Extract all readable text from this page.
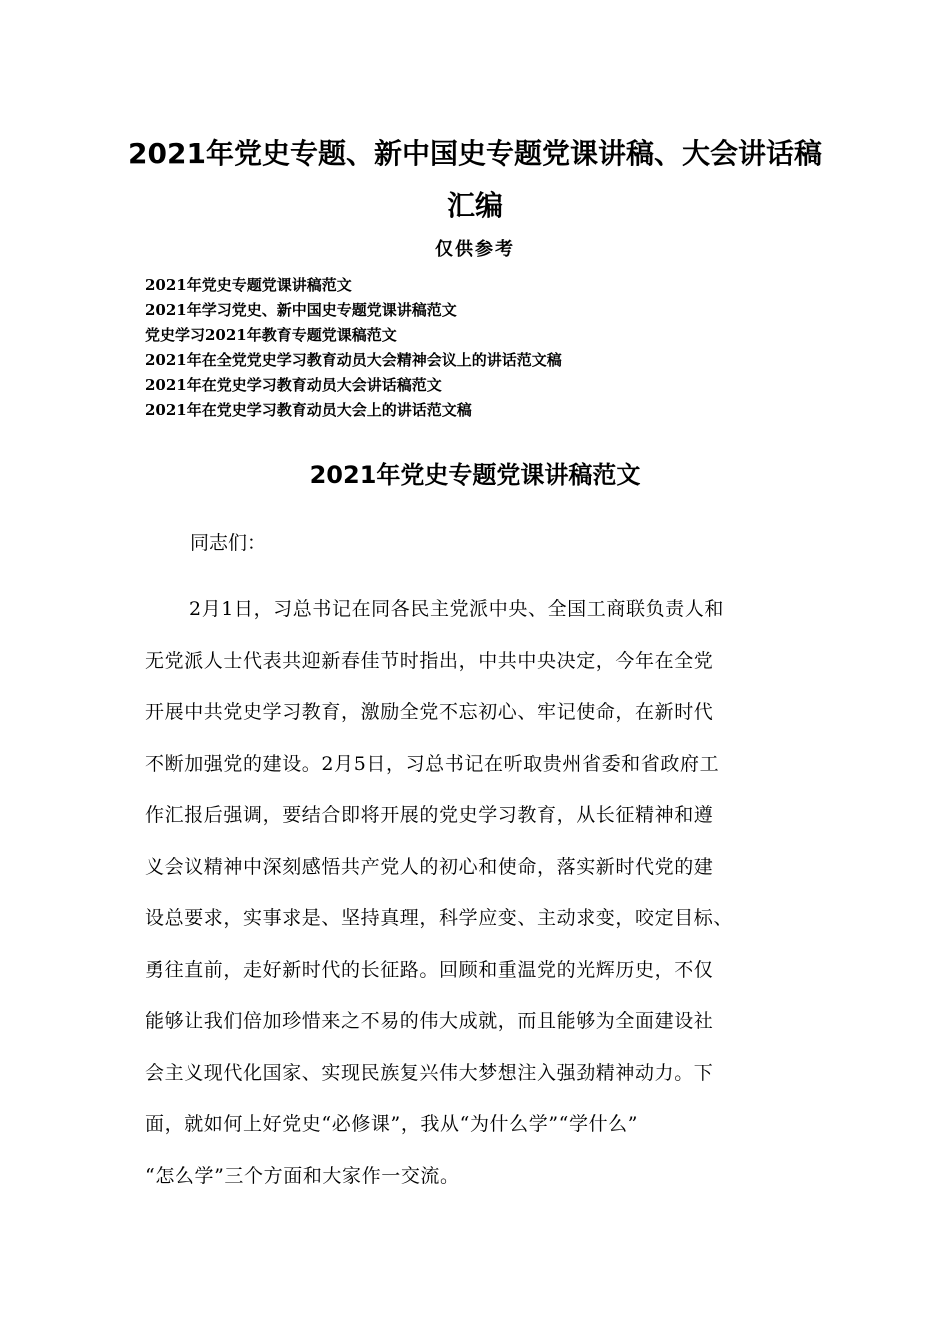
2021年党史专题、新中国史专题党课讲稿、大会讲话稿汇编

仅供参考

2021年党史专题党课讲稿范文
2021年学习党史、新中国史专题党课讲稿范文
党史学习2021年教育专题党课稿范文
2021年在全党党史学习教育动员大会精神会议上的讲话范文稿
2021年在党史学习教育动员大会讲话稿范文
2021年在党史学习教育动员大会上的讲话范文稿
2021年党史专题党课讲稿范文

同志们：

2月1日，习总书记在同各民主党派中央、全国工商联负责人和
无党派人士代表共迎新春佳节时指出，中共中央决定，今年在全党
开展中共党史学习教育，激励全党不忘初心、牢记使命，在新时代
不断加强党的建设。2月5日，习总书记在听取贵州省委和省政府工
作汇报后强调，要结合即将开展的党史学习教育，从长征精神和遵
义会议精神中深刻感悟共产党人的初心和使命，落实新时代党的建
设总要求，实事求是、坚持真理，科学应变、主动求变，咬定目标、
勇往直前，走好新时代的长征路。回顾和重温党的光辉历史，不仅
能够让我们倍加珍惜来之不易的伟大成就，而且能够为全面建设社
会主义现代化国家、实现民族复兴伟大梦想注入强劲精神动力。下
面，就如何上好党史“必修课”，我从“为什么学”“学什么”
“怎么学”三个方面和大家作一交流。
